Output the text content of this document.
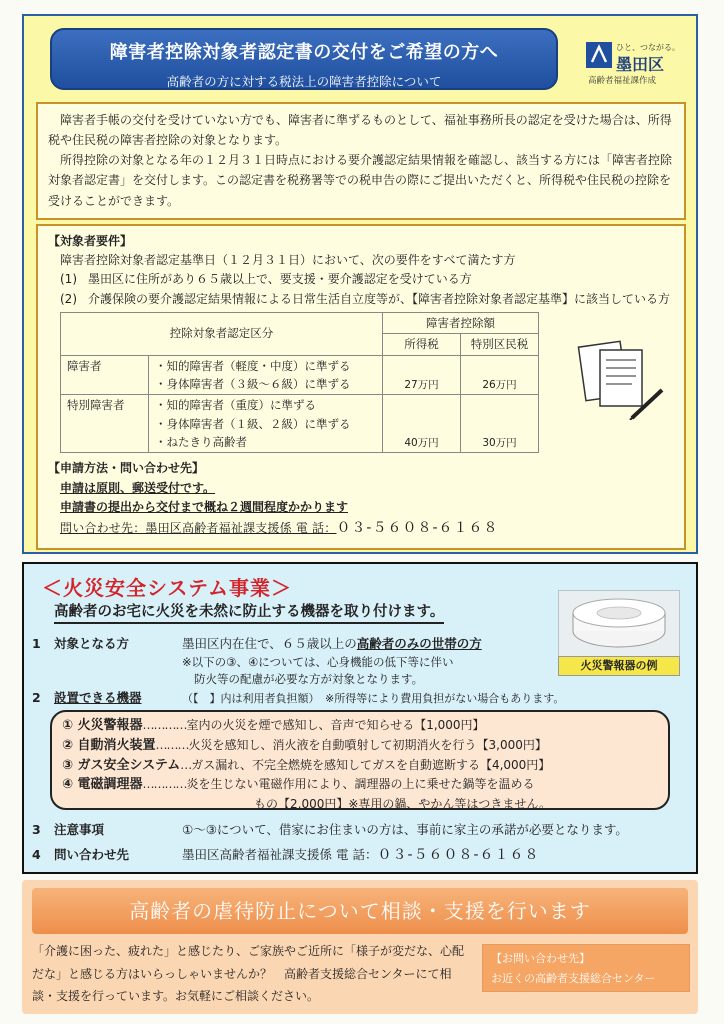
障害者控除対象者認定書の交付をご希望の方へ
高齢者の方に対する税法上の障害者控除について
ひと、つながる。
墨田区
高齢者福祉課作成

障害者手帳の交付を受けていない方でも、障害者に準ずるものとして、福祉事務所長の認定を受けた場合は、所得税や住民税の障害者控除の対象となります。

所得控除の対象となる年の１２月３１日時点における要介護認定結果情報を確認し、該当する方には「障害者控除対象者認定書」を交付します。この認定書を税務署等での税申告の際にご提出いただくと、所得税や住民税の控除を受けることができます。

【対象者要件】
障害者控除対象者認定基準日（１２月３１日）において、次の要件をすべて満たす方
(1) 墨田区に住所があり６５歳以上で、要支援・要介護認定を受けている方
(2) 介護保険の要介護認定結果情報による日常生活自立度等が、【障害者控除対象者認定基準】に該当している方
控除対象者認定区分		障害者控除額	
		所得税	特別区民税
障害者	・知的障害者（軽度・中度）に準ずる
・身体障害者（３級〜６級）に準ずる	27万円	26万円
特別障害者	・知的障害者（重度）に準ずる
・身体障害者（１級、２級）に準ずる
・ねたきり高齢者	40万円	30万円
【申請方法・問い合わせ先】
申請は原則、郵送受付です。
申請書の提出から交付まで概ね２週間程度かかります
問い合わせ先：墨田区高齢者福祉課支援係 電 話：０３-５６０８-６１６８
＜火災安全システム事業＞
高齢者のお宅に火災を未然に防止する機器を取り付けます。
火災警報器の例
1 対象となる方	墨田区内在住で、６５歳以上の高齢者のみの世帯の方
※以下の③、④については、心身機能の低下等に伴い
防火等の配慮が必要な方が対象となります。
2 設置できる機器	（【　】内は利用者負担額）　※所得等により費用負担がない場合もあります。
① 火災警報器 ………… 室内の火災を煙で感知し、音声で知らせる【1,000円】
② 自動消火装置 ……… 火災を感知し、消火液を自動噴射して初期消火を行う【3,000円】
③ ガス安全システム … ガス漏れ、不完全燃焼を感知してガスを自動遮断する【4,000円】
④ 電磁調理器 ………… 炎を生じない電磁作用により、調理器の上に乗せた鍋等を温める
もの【2,000円】※専用の鍋、やかん等はつきません。
3 注意事項	①〜③について、借家にお住まいの方は、事前に家主の承諾が必要となります。
4 問い合わせ先	墨田区高齢者福祉課支援係 電 話：０３-５６０８-６１６８
高齢者の虐待防止について相談・支援を行います
「介護に困った、疲れた」と感じたり、ご家族やご近所に「様子が変だな、心配だな」と感じる方はいらっしゃいませんか？　高齢者支援総合センターにて相談・支援を行っています。お気軽にご相談ください。
【お問い合わせ先】
お近くの高齢者支援総合センター
